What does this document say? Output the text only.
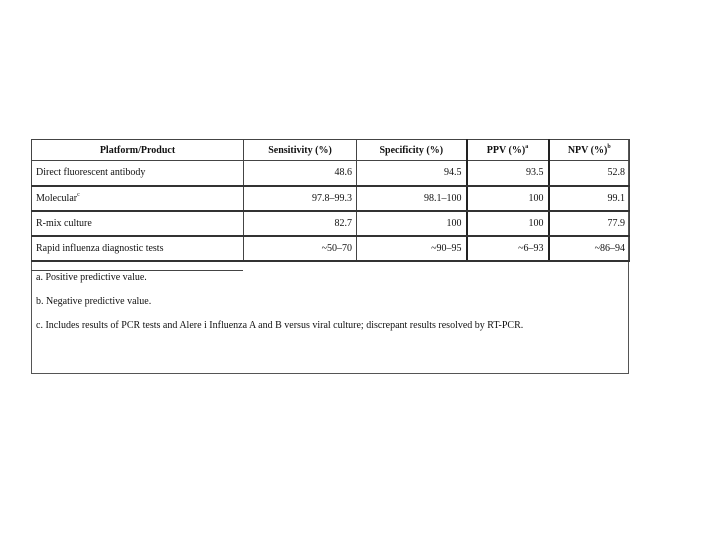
Platform/Product	Sensitivity (%)	Specificity (%)	PPV (%)$^a$	NPV (%)$^b$
Direct fluorescent antibody	48.6	94.5	93.5	52.8
Molecular$^c$	97.8–99.3	98.1–100	100	99.1
R-mix culture	82.7	100	100	77.9
Rapid influenza diagnostic tests	~50–70	~90–95	~6–93	~86–94
a. Positive predictive value.
b. Negative predictive value.
c. Includes results of PCR tests and Alere i Influenza A and B versus viral culture; discrepant results resolved by RT-PCR.
